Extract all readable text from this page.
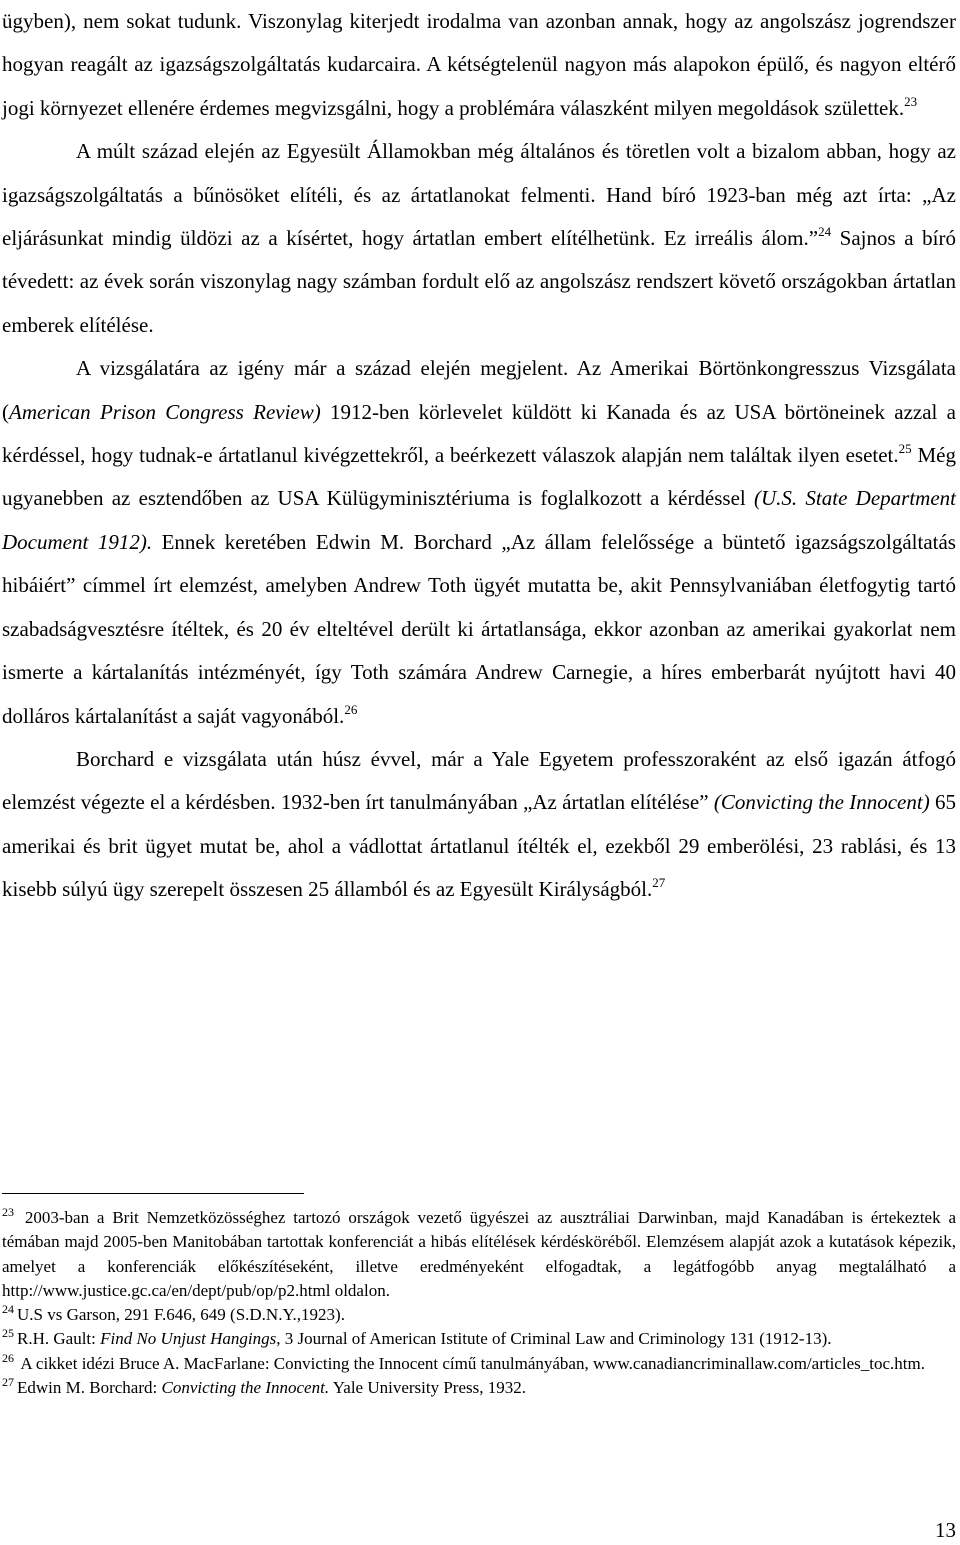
ügyben), nem sokat tudunk. Viszonylag kiterjedt irodalma van azonban annak, hogy az angolszász jogrendszer hogyan reagált az igazságszolgáltatás kudarcaira. A kétségtelenül nagyon más alapokon épülő, és nagyon eltérő jogi környezet ellenére érdemes megvizsgálni, hogy a problémára válaszként milyen megoldások születtek.$^{23}$

A múlt század elején az Egyesült Államokban még általános és töretlen volt a bizalom abban, hogy az igazságszolgáltatás a bűnösöket elítéli, és az ártatlanokat felmenti. Hand bíró 1923-ban még azt írta: „Az eljárásunkat mindig üldözi az a kísértet, hogy ártatlan embert elítélhetünk. Ez irreális álom.”$^{24}$ Sajnos a bíró tévedett: az évek során viszonylag nagy számban fordult elő az angolszász rendszert követő országokban ártatlan emberek elítélése.

A vizsgálatára az igény már a század elején megjelent. Az Amerikai Börtönkongresszus Vizsgálata (American Prison Congress Review) 1912-ben körlevelet küldött ki Kanada és az USA börtöneinek azzal a kérdéssel, hogy tudnak-e ártatlanul kivégzettekről, a beérkezett válaszok alapján nem találtak ilyen esetet.$^{25}$ Még ugyanebben az esztendőben az USA Külügyminisztériuma is foglalkozott a kérdéssel (U.S. State Department Document 1912). Ennek keretében Edwin M. Borchard „Az állam felelőssége a büntető igazságszolgáltatás hibáiért” címmel írt elemzést, amelyben Andrew Toth ügyét mutatta be, akit Pennsylvaniában életfogytig tartó szabadságvesztésre ítéltek, és 20 év elteltével derült ki ártatlansága, ekkor azonban az amerikai gyakorlat nem ismerte a kártalanítás intézményét, így Toth számára Andrew Carnegie, a híres emberbarát nyújtott havi 40 dolláros kártalanítást a saját vagyonából.$^{26}$

Borchard e vizsgálata után húsz évvel, már a Yale Egyetem professzoraként az első igazán átfogó elemzést végezte el a kérdésben. 1932-ben írt tanulmányában „Az ártatlan elítélése” (Convicting the Innocent) 65 amerikai és brit ügyet mutat be, ahol a vádlottat ártatlanul ítélték el, ezekből 29 emberölési, 23 rablási, és 13 kisebb súlyú ügy szerepelt összesen 25 államból és az Egyesült Királyságból.$^{27}$

$^{23}$ 2003-ban a Brit Nemzetközösséghez tartozó országok vezető ügyészei az ausztráliai Darwinban, majd Kanadában is értekeztek a témában majd 2005-ben Manitobában tartottak konferenciát a hibás elítélések kérdésköréből. Elemzésem alapját azok a kutatások képezik, amelyet a konferenciák előkészítéseként, illetve eredményeként elfogadtak, a legátfogóbb anyag megtalálható a http://www.justice.gc.ca/en/dept/pub/op/p2.html oldalon.

$^{24}$ U.S vs Garson, 291 F.646, 649 (S.D.N.Y.,1923).

$^{25}$ R.H. Gault: Find No Unjust Hangings, 3 Journal of American Istitute of Criminal Law and Criminology 131 (1912-13).

$^{26}$ A cikket idézi Bruce A. MacFarlane: Convicting the Innocent című tanulmányában, www.canadiancriminallaw.com/articles_toc.htm.

$^{27}$ Edwin M. Borchard: Convicting the Innocent. Yale University Press, 1932.

13
